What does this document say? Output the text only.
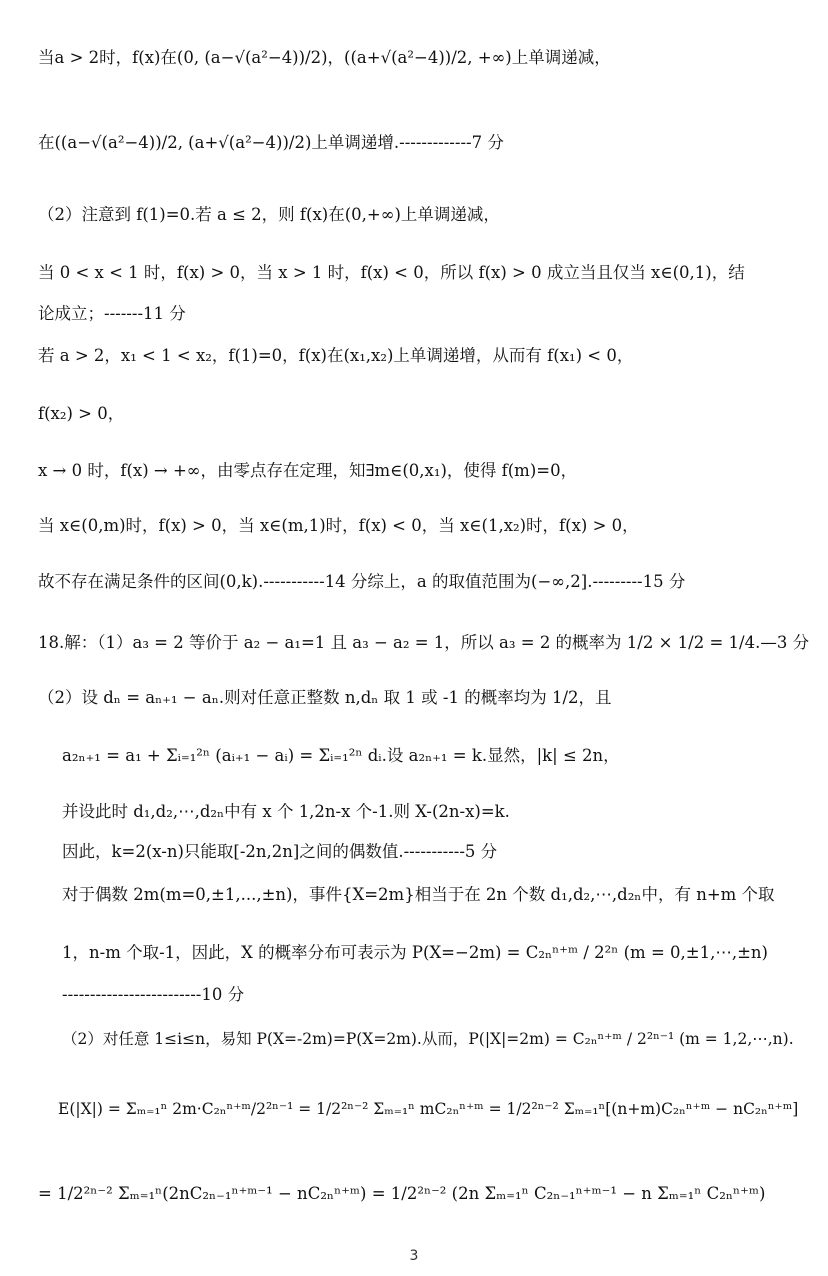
当a > 2时，f(x)在(0, (a−√(a²−4))/2)，((a+√(a²−4))/2, +∞)上单调递减，
在((a−√(a²−4))/2, (a+√(a²−4))/2)上单调递增.-------------7 分
（2）注意到 f(1)=0.若 a ≤ 2，则 f(x)在(0,+∞)上单调递减，
当 0 < x < 1 时，f(x) > 0，当 x > 1 时，f(x) < 0，所以 f(x) > 0 成立当且仅当 x∈(0,1)，结
论成立；-------11 分
若 a > 2，x₁ < 1 < x₂，f(1)=0，f(x)在(x₁,x₂)上单调递增，从而有 f(x₁) < 0，
f(x₂) > 0，
x → 0 时，f(x) → +∞，由零点存在定理，知∃m∈(0,x₁)，使得 f(m)=0，
当 x∈(0,m)时，f(x) > 0，当 x∈(m,1)时，f(x) < 0，当 x∈(1,x₂)时，f(x) > 0，
故不存在满足条件的区间(0,k).-----------14 分综上，a 的取值范围为(−∞,2].---------15 分
18.解：（1）a₃ = 2 等价于 a₂ − a₁=1 且 a₃ − a₂ = 1，所以 a₃ = 2 的概率为 1/2 × 1/2 = 1/4.—3 分
（2）设 dₙ = aₙ₊₁ − aₙ.则对任意正整数 n,dₙ 取 1 或 -1 的概率均为 1/2，且
a₂ₙ₊₁ = a₁ + Σᵢ₌₁²ⁿ (aᵢ₊₁ − aᵢ) = Σᵢ₌₁²ⁿ dᵢ.设 a₂ₙ₊₁ = k.显然，|k| ≤ 2n，
并设此时 d₁,d₂,⋯,d₂ₙ中有 x 个 1,2n-x 个-1.则 X-(2n-x)=k.
因此，k=2(x-n)只能取[-2n,2n]之间的偶数值.-----------5 分
对于偶数 2m(m=0,±1,...,±n)，事件{X=2m}相当于在 2n 个数 d₁,d₂,⋯,d₂ₙ中，有 n+m 个取
1，n-m 个取-1，因此，X 的概率分布可表示为 P(X=−2m) = C₂ₙⁿ⁺ᵐ / 2²ⁿ (m = 0,±1,⋯,±n)
-------------------------10 分
（2）对任意 1≤i≤n，易知 P(X=-2m)=P(X=2m).从而，P(|X|=2m) = C₂ₙⁿ⁺ᵐ / 2²ⁿ⁻¹ (m = 1,2,⋯,n).
E(|X|) = Σₘ₌₁ⁿ 2m·C₂ₙⁿ⁺ᵐ/2²ⁿ⁻¹ = 1/2²ⁿ⁻² Σₘ₌₁ⁿ mC₂ₙⁿ⁺ᵐ = 1/2²ⁿ⁻² Σₘ₌₁ⁿ[(n+m)C₂ₙⁿ⁺ᵐ − nC₂ₙⁿ⁺ᵐ]
= 1/2²ⁿ⁻² Σₘ₌₁ⁿ(2nC₂ₙ₋₁ⁿ⁺ᵐ⁻¹ − nC₂ₙⁿ⁺ᵐ) = 1/2²ⁿ⁻² (2n Σₘ₌₁ⁿ C₂ₙ₋₁ⁿ⁺ᵐ⁻¹ − n Σₘ₌₁ⁿ C₂ₙⁿ⁺ᵐ)
3
